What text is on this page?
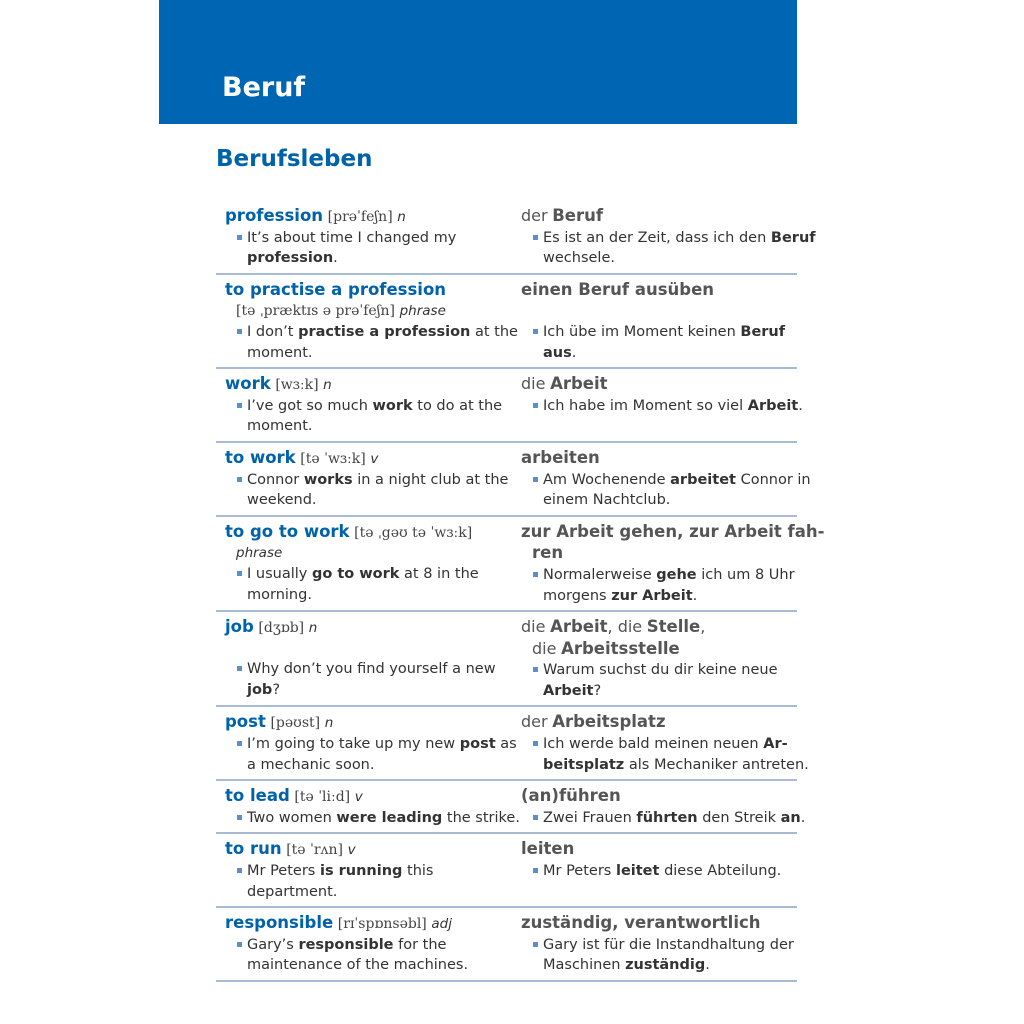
Beruf
Berufsleben
profession [prəˈfeʃn] n
It’s about time I changed my
profession.
der Beruf
Es ist an der Zeit, dass ich den Beruf
wechsele.
to practise a profession
[tə ˌpræktɪs ə prəˈfeʃn] phrase
I don’t practise a profession at the
moment.
einen Beruf ausüben
Ich übe im Moment keinen Beruf
aus.
work [wɜːk] n
I’ve got so much work to do at the
moment.
die Arbeit
Ich habe im Moment so viel Arbeit.
to work [tə ˈwɜːk] v
Connor works in a night club at the
weekend.
arbeiten
Am Wochenende arbeitet Connor in
einem Nachtclub.
to go to work [tə ˌgəʊ tə ˈwɜːk]
phrase
I usually go to work at 8 in the
morning.
zur Arbeit gehen, zur Arbeit fah-
ren
Normalerweise gehe ich um 8 Uhr
morgens zur Arbeit.
job [dʒɒb] n
Why don’t you find yourself a new
job?
die Arbeit, die Stelle,
die Arbeitsstelle
Warum suchst du dir keine neue
Arbeit?
post [pəʊst] n
I’m going to take up my new post as
a mechanic soon.
der Arbeitsplatz
Ich werde bald meinen neuen Ar-
beitsplatz als Mechaniker antreten.
to lead [tə ˈliːd] v
Two women were leading the strike.
(an)führen
Zwei Frauen führten den Streik an.
to run [tə ˈrʌn] v
Mr Peters is running this
department.
leiten
Mr Peters leitet diese Abteilung.
responsible [rɪˈspɒnsəbl] adj
Gary’s responsible for the
maintenance of the machines.
zuständig, verantwortlich
Gary ist für die Instandhaltung der
Maschinen zuständig.
